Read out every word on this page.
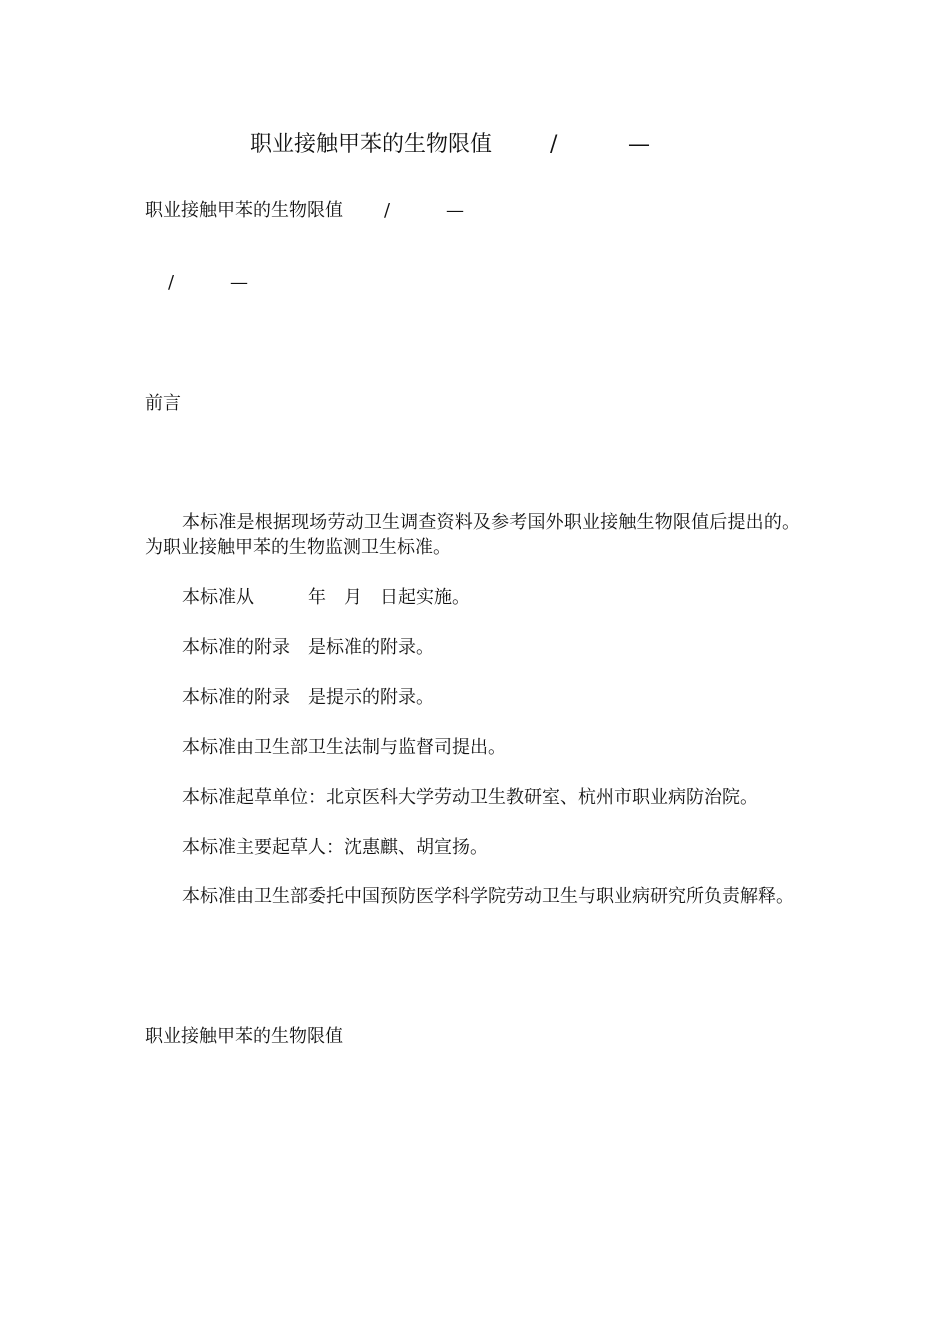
职业接触甲苯的生物限值	/	—
职业接触甲苯的生物限值 /	—
/	—
前言
本标准是根据现场劳动卫生调查资料及参考国外职业接触生物限值后提出的。为职业接触甲苯的生物监测卫生标准。
本标准从　　　年　月　日起实施。
本标准的附录　是标准的附录。
本标准的附录　是提示的附录。
本标准由卫生部卫生法制与监督司提出。
本标准起草单位：北京医科大学劳动卫生教研室、杭州市职业病防治院。
本标准主要起草人：沈惠麒、胡宣扬。
本标准由卫生部委托中国预防医学科学院劳动卫生与职业病研究所负责解释。
职业接触甲苯的生物限值
